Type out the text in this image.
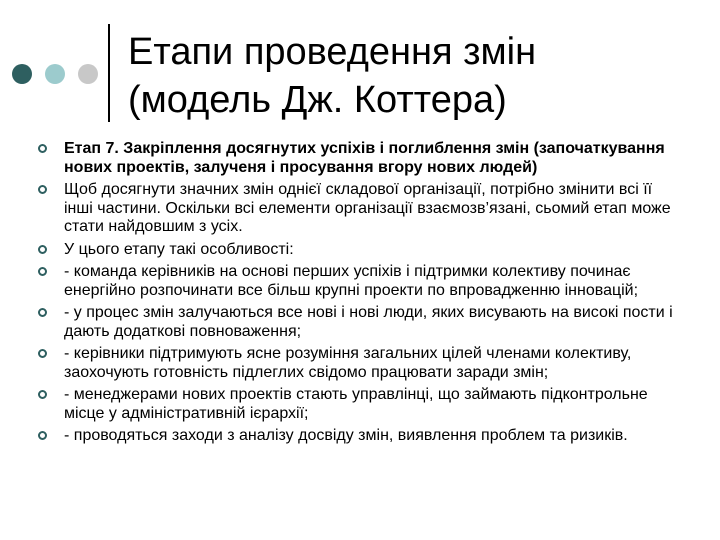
Етапи проведення змін
(модель Дж. Коттера)
Етап 7. Закріплення досягнутих успіхів і поглиблення змін (започаткування нових проектів, залученя і просування вгору нових людей)
Щоб досягнути значних змін однієї складової організації, потрібно змінити всі її інші частини. Оскільки всі елементи організації взаємозв’язані, сьомий етап може стати найдовшим з усіх.
У цього етапу такі особливості:
- команда керівників на основі перших успіхів і підтримки колективу починає енергійно розпочинати все більш крупні проекти по впровадженню інновацій;
- у процес змін залучаються все нові і нові люди, яких висувають на високі пости і дають додаткові повноваження;
- керівники підтримують ясне розуміння загальних цілей членами колективу, заохочують готовність підлеглих свідомо працювати заради змін;
- менеджерами нових проектів стають управлінці, що займають підконтрольне місце у адміністративній ієрархії;
- проводяться заходи з аналізу досвіду змін, виявлення проблем та ризиків.
